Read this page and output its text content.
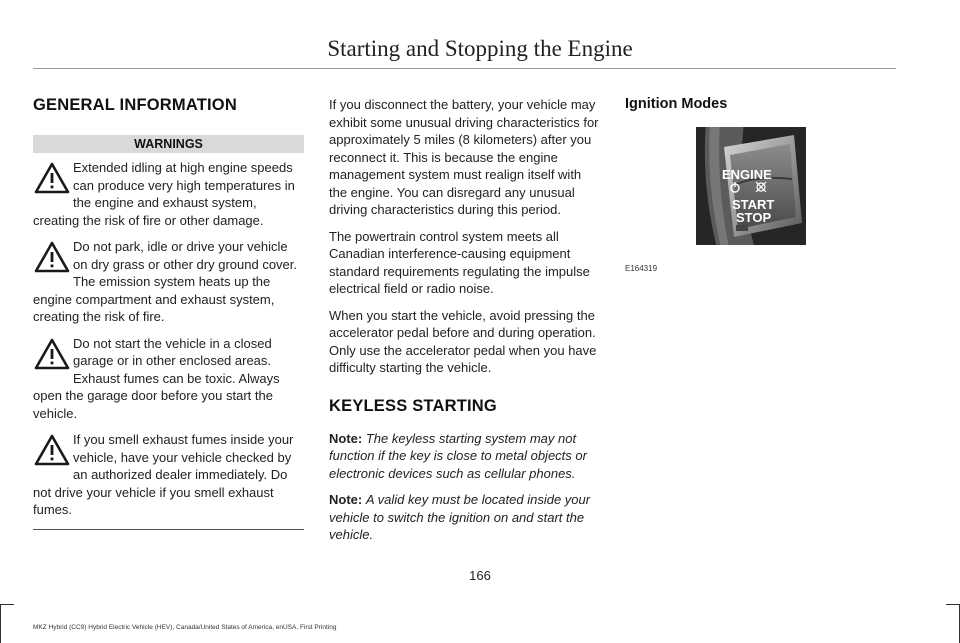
Starting and Stopping the Engine
GENERAL INFORMATION
WARNINGS
Extended idling at high engine speeds can produce very high temperatures in the engine and exhaust system, creating the risk of fire or other damage.
Do not park, idle or drive your vehicle on dry grass or other dry ground cover. The emission system heats up the engine compartment and exhaust system, creating the risk of fire.
Do not start the vehicle in a closed garage or in other enclosed areas. Exhaust fumes can be toxic. Always open the garage door before you start the vehicle.
If you smell exhaust fumes inside your vehicle, have your vehicle checked by an authorized dealer immediately. Do not drive your vehicle if you smell exhaust fumes.

If you disconnect the battery, your vehicle may exhibit some unusual driving characteristics for approximately 5 miles (8 kilometers) after you reconnect it. This is because the engine management system must realign itself with the engine. You can disregard any unusual driving characteristics during this period.

The powertrain control system meets all Canadian interference-causing equipment standard requirements regulating the impulse electrical field or radio noise.

When you start the vehicle, avoid pressing the accelerator pedal before and during operation. Only use the accelerator pedal when you have difficulty starting the vehicle.

KEYLESS STARTING

Note: The keyless starting system may not function if the key is close to metal objects or electronic devices such as cellular phones.

Note: A valid key must be located inside your vehicle to switch the ignition on and start the vehicle.

Ignition Modes
ENGINE
START
STOP
E164319
166
MKZ Hybrid (CC9) Hybrid Electric Vehicle (HEV), Canada/United States of America, enUSA, First Printing
